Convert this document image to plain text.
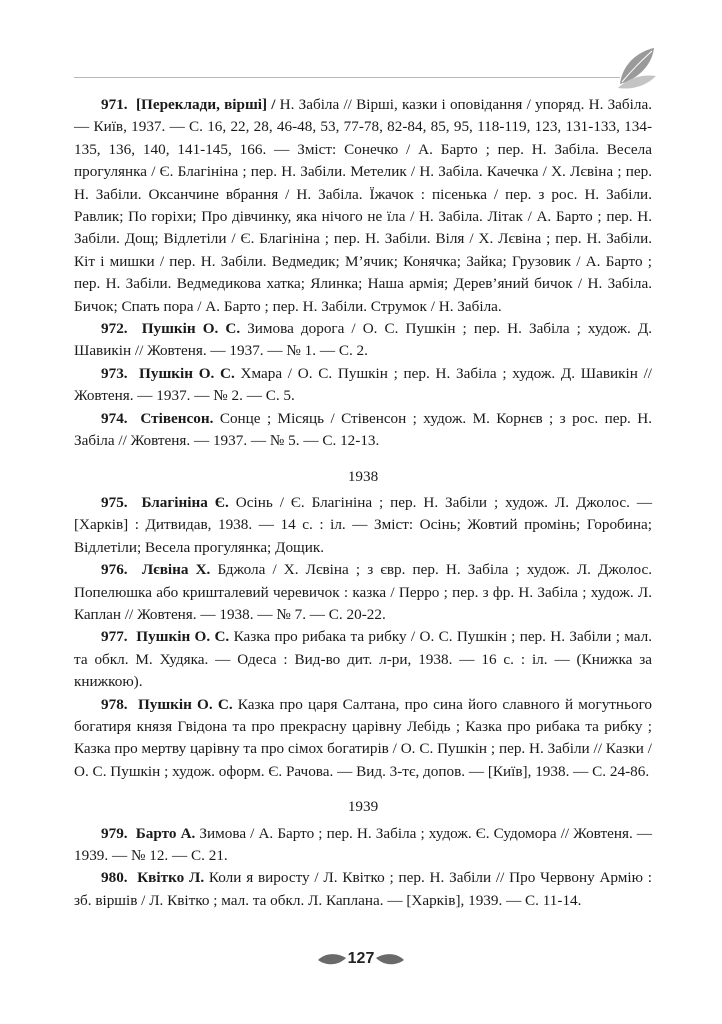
971. [Переклади, вірші] / Н. Забіла // Вірші, казки і оповідання / упоряд. Н. Забіла. — Київ, 1937. — С. 16, 22, 28, 46-48, 53, 77-78, 82-84, 85, 95, 118-119, 123, 131-133, 134-135, 136, 140, 141-145, 166. — Зміст: Сонечко / А. Барто ; пер. Н. Забіла. Весела прогулянка / Є. Благініна ; пер. Н. Забіли. Метелик / Н. Забіла. Качечка / Х. Лєвіна ; пер. Н. Забіли. Оксанчине вбрання / Н. Забіла. Їжачок : пісенька / пер. з рос. Н. Забіли. Равлик; По горіхи; Про дівчинку, яка нічого не їла / Н. Забіла. Літак / А. Барто ; пер. Н. Забіли. Дощ; Відлетіли / Є. Благініна ; пер. Н. Забіли. Віля / Х. Лєвіна ; пер. Н. Забіли. Кіт і мишки / пер. Н. Забіли. Ведмедик; М’ячик; Конячка; Зайка; Грузовик / А. Барто ; пер. Н. Забіли. Ведмедикова хатка; Ялинка; Наша армія; Дерев’яний бичок / Н. Забіла. Бичок; Спать пора / А. Барто ; пер. Н. Забіли. Струмок / Н. Забіла.

972. Пушкін О. С. Зимова дорога / О. С. Пушкін ; пер. Н. Забіла ; худож. Д. Шавикін // Жовтеня. — 1937. — № 1. — С. 2.

973. Пушкін О. С. Хмара / О. С. Пушкін ; пер. Н. Забіла ; худож. Д. Шавикін // Жовтеня. — 1937. — № 2. — С. 5.

974. Стівенсон. Сонце ; Місяць / Стівенсон ; худож. М. Корнєв ; з рос. пер. Н. Забіла // Жовтеня. — 1937. — № 5. — С. 12-13.

1938

975. Благініна Є. Осінь / Є. Благініна ; пер. Н. Забіли ; худож. Л. Джолос. — [Харків] : Дитвидав, 1938. — 14 с. : іл. — Зміст: Осінь; Жовтий промінь; Горобина; Відлетіли; Весела прогулянка; Дощик.

976. Лєвіна Х. Бджола / Х. Лєвіна ; з євр. пер. Н. Забіла ; худож. Л. Джолос. Попелюшка або кришталевий черевичок : казка / Перро ; пер. з фр. Н. Забіла ; худож. Л. Каплан // Жовтеня. — 1938. — № 7. — С. 20-22.

977. Пушкін О. С. Казка про рибака та рибку / О. С. Пушкін ; пер. Н. Забіли ; мал. та обкл. М. Худяка. — Одеса : Вид-во дит. л-ри, 1938. — 16 с. : іл. — (Книжка за книжкою).

978. Пушкін О. С. Казка про царя Салтана, про сина його славного й могутнього богатиря князя Гвідона та про прекрасну царівну Лебідь ; Казка про рибака та рибку ; Казка про мертву царівну та про сімох богатирів / О. С. Пушкін ; пер. Н. Забіли // Казки / О. С. Пушкін ; худож. оформ. Є. Рачова. — Вид. 3-тє, допов. — [Київ], 1938. — С. 24-86.

1939

979. Барто А. Зимова / А. Барто ; пер. Н. Забіла ; худож. Є. Судомора // Жовтеня. — 1939. — № 12. — С. 21.

980. Квітко Л. Коли я виросту / Л. Квітко ; пер. Н. Забіли // Про Червону Армію : зб. віршів / Л. Квітко ; мал. та обкл. Л. Каплана. — [Харків], 1939. — С. 11-14.

127
